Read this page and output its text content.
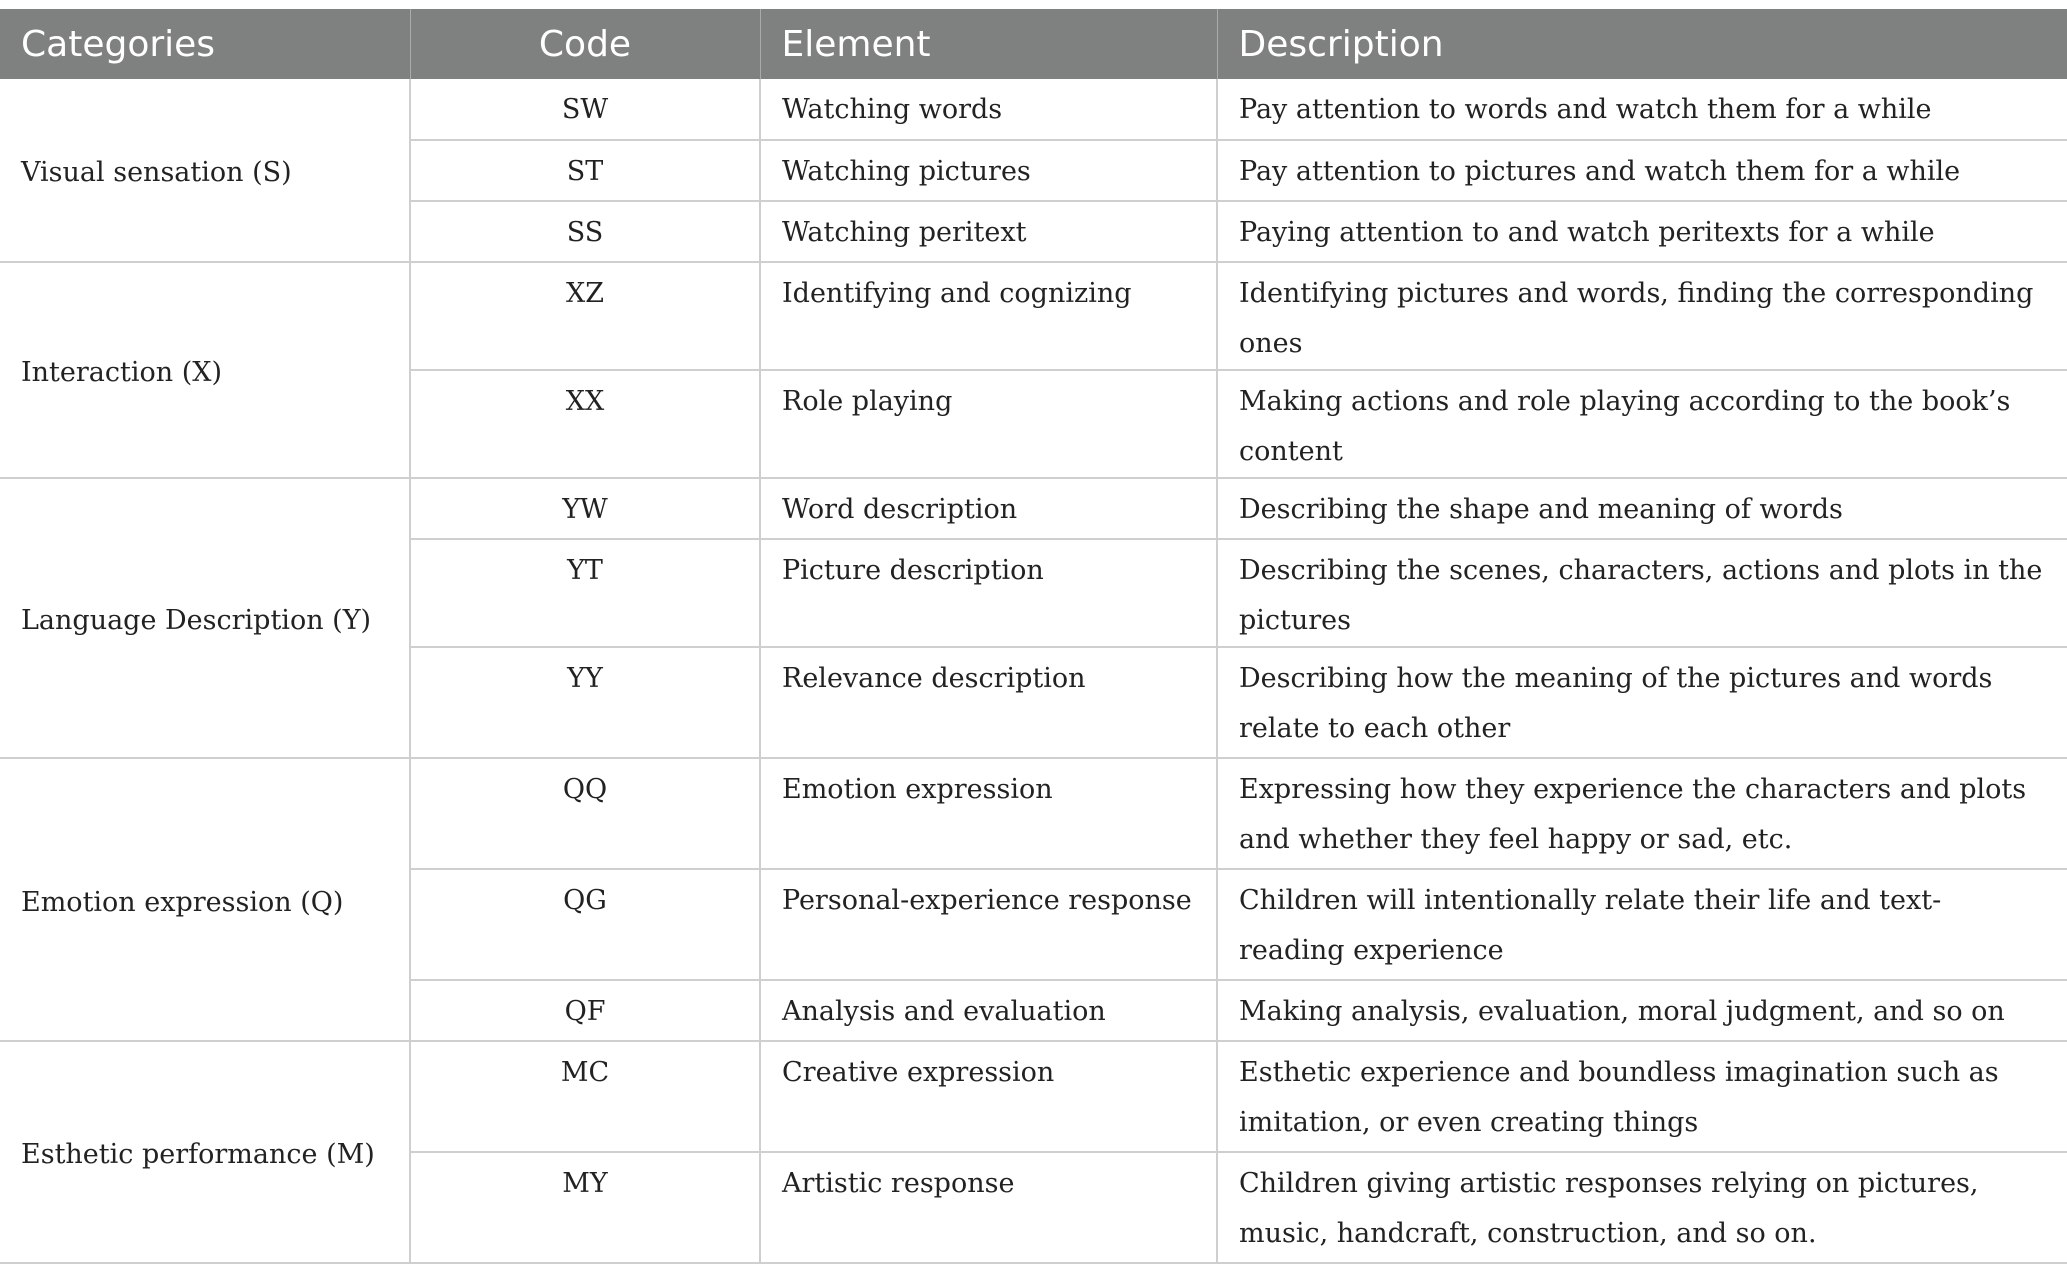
Categories	Code	Element	Description
Visual sensation (S)	SW	Watching words	Pay attention to words and watch them for a while
	ST	Watching pictures	Pay attention to pictures and watch them for a while
	SS	Watching peritext	Paying attention to and watch peritexts for a while
Interaction (X)	XZ	Identifying and cognizing	Identifying pictures and words, finding the corresponding ones
	XX	Role playing	Making actions and role playing according to the book’s content
Language Description (Y)	YW	Word description	Describing the shape and meaning of words
	YT	Picture description	Describing the scenes, characters, actions and plots in the pictures
	YY	Relevance description	Describing how the meaning of the pictures and words relate to each other
Emotion expression (Q)	QQ	Emotion expression	Expressing how they experience the characters and plots and whether they feel happy or sad, etc.
	QG	Personal-experience response	Children will intentionally relate their life and text-reading experience
	QF	Analysis and evaluation	Making analysis, evaluation, moral judgment, and so on
Esthetic performance (M)	MC	Creative expression	Esthetic experience and boundless imagination such as imitation, or even creating things
	MY	Artistic response	Children giving artistic responses relying on pictures, music, handcraft, construction, and so on.
